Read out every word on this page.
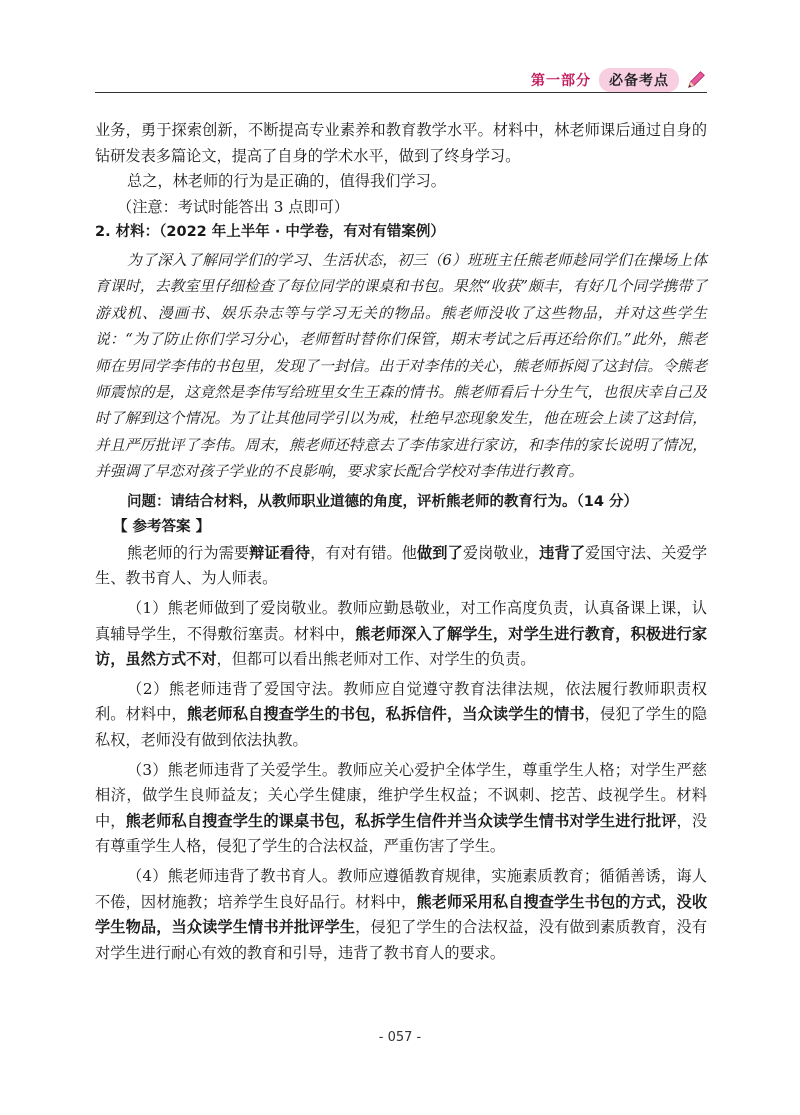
第一部分	必备考点

业务，勇于探索创新，不断提高专业素养和教育教学水平。材料中，林老师课后通过自身的钻研发表多篇论文，提高了自身的学术水平，做到了终身学习。

总之，林老师的行为是正确的，值得我们学习。

（注意：考试时能答出 3 点即可）

2. 材料：（2022 年上半年 · 中学卷，有对有错案例）

为了深入了解同学们的学习、生活状态，初三（6）班班主任熊老师趁同学们在操场上体育课时，去教室里仔细检查了每位同学的课桌和书包。果然“收获”颇丰，有好几个同学携带了游戏机、漫画书、娱乐杂志等与学习无关的物品。熊老师没收了这些物品，并对这些学生说：“为了防止你们学习分心，老师暂时替你们保管，期末考试之后再还给你们。”此外，熊老师在男同学李伟的书包里，发现了一封信。出于对李伟的关心，熊老师拆阅了这封信。令熊老师震惊的是，这竟然是李伟写给班里女生王森的情书。熊老师看后十分生气，也很庆幸自己及时了解到这个情况。为了让其他同学引以为戒，杜绝早恋现象发生，他在班会上读了这封信，并且严厉批评了李伟。周末，熊老师还特意去了李伟家进行家访，和李伟的家长说明了情况，并强调了早恋对孩子学业的不良影响，要求家长配合学校对李伟进行教育。

问题：请结合材料，从教师职业道德的角度，评析熊老师的教育行为。（14 分）

【 参考答案 】

熊老师的行为需要辩证看待，有对有错。他做到了爱岗敬业，违背了爱国守法、关爱学生、教书育人、为人师表。

（1）熊老师做到了爱岗敬业。教师应勤恳敬业，对工作高度负责，认真备课上课，认真辅导学生，不得敷衍塞责。材料中，熊老师深入了解学生，对学生进行教育，积极进行家访，虽然方式不对，但都可以看出熊老师对工作、对学生的负责。

（2）熊老师违背了爱国守法。教师应自觉遵守教育法律法规，依法履行教师职责权利。材料中，熊老师私自搜查学生的书包，私拆信件，当众读学生的情书，侵犯了学生的隐私权，老师没有做到依法执教。

（3）熊老师违背了关爱学生。教师应关心爱护全体学生，尊重学生人格；对学生严慈相济，做学生良师益友；关心学生健康，维护学生权益；不讽刺、挖苦、歧视学生。材料中，熊老师私自搜查学生的课桌书包，私拆学生信件并当众读学生情书对学生进行批评，没有尊重学生人格，侵犯了学生的合法权益，严重伤害了学生。

（4）熊老师违背了教书育人。教师应遵循教育规律，实施素质教育；循循善诱，诲人不倦，因材施教；培养学生良好品行。材料中，熊老师采用私自搜查学生书包的方式，没收学生物品，当众读学生情书并批评学生，侵犯了学生的合法权益，没有做到素质教育，没有对学生进行耐心有效的教育和引导，违背了教书育人的要求。

- 057 -
